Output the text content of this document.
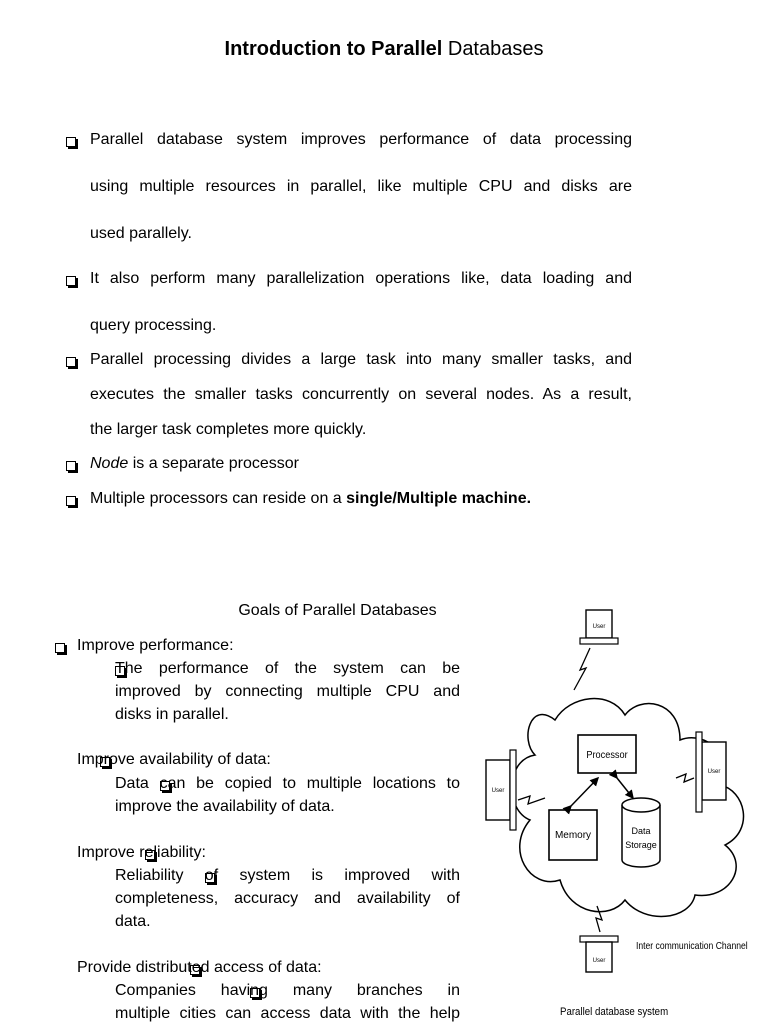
Introduction to Parallel Databases
Parallel database system improves performance of data processing
using multiple resources in parallel, like multiple CPU and disks are
used parallely.
It also perform many parallelization operations like, data loading and
query processing.
Parallel processing divides a large task into many smaller tasks, and
executes the smaller tasks concurrently on several nodes. As a result,
the larger task completes more quickly.
Node is a separate processor
Multiple processors can reside on a single/Multiple machine.
Goals of Parallel Databases

Improve performance:

The performance of the system can be
improved by connecting multiple CPU and
disks in parallel.

Improve availability of data:

Data can be copied to multiple locations to
improve the availability of data.

Improve reliability:

Reliability of system is improved with
completeness, accuracy and availability of
data.

Provide distributed access of data:
Companies having many branches in
multiple cities can access data with the help
Processor
Memory	Data
Storage
User
User
User
User
Inter communication Channel
Parallel database system
